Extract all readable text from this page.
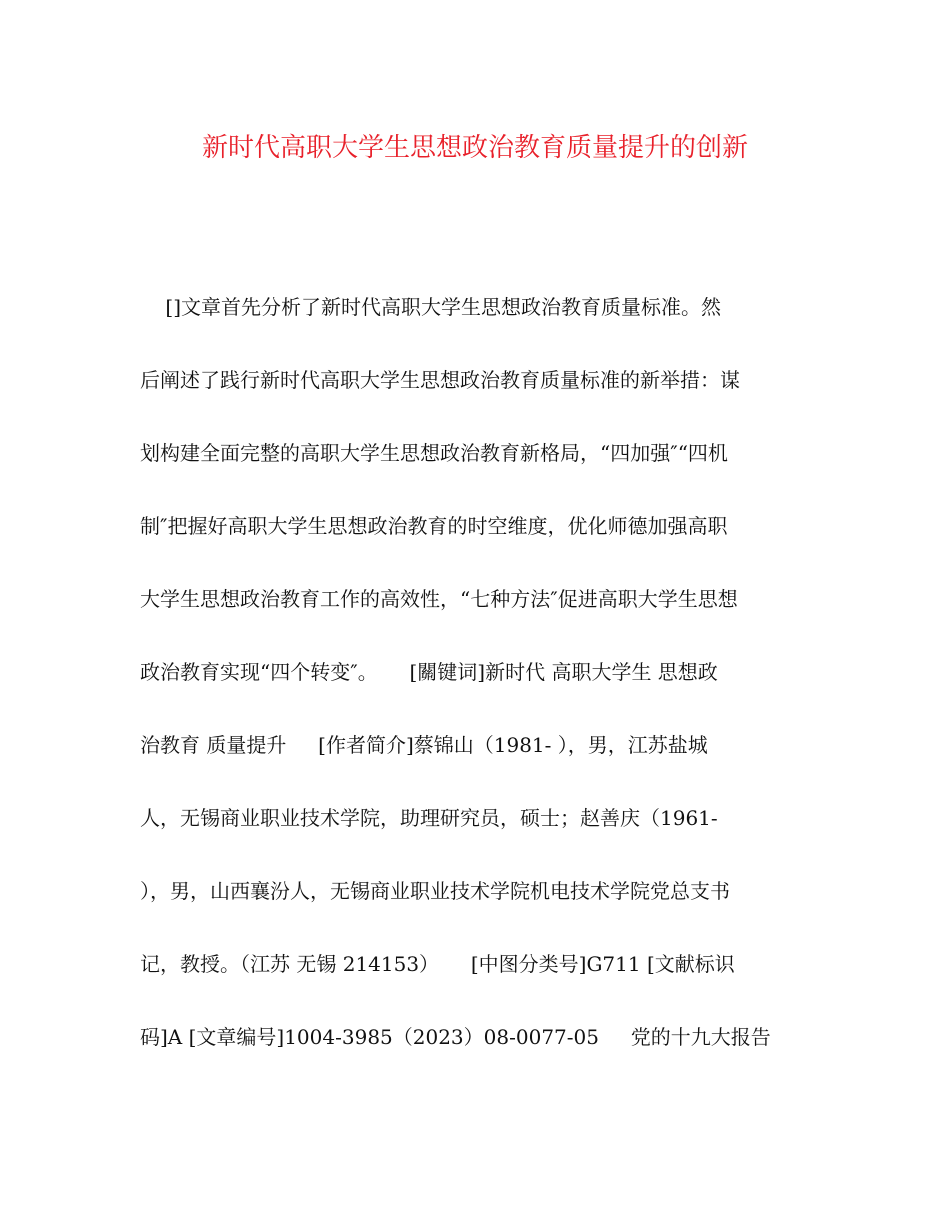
新时代高职大学生思想政治教育质量提升的创新

[]文章首先分析了新时代高职大学生思想政治教育质量标准。然

后阐述了践行新时代高职大学生思想政治教育质量标准的新举措：谋

划构建全面完整的高职大学生思想政治教育新格局，“四加强″“四机

制″把握好高职大学生思想政治教育的时空维度，优化师德加强高职

大学生思想政治教育工作的高效性，“七种方法″促进高职大学生思想

政治教育实现“四个转变″。     [關键词]新时代 高职大学生 思想政

治教育 质量提升     [作者简介]蔡锦山（1981- ），男，江苏盐城

人，无锡商业职业技术学院，助理研究员，硕士；赵善庆（1961-

），男，山西襄汾人，无锡商业职业技术学院机电技术学院党总支书

记，教授。（江苏 无锡 214153）     [中图分类号]G711 [文献标识

码]A [文章编号]1004-3985（2023）08-0077-05     党的十九大报告
